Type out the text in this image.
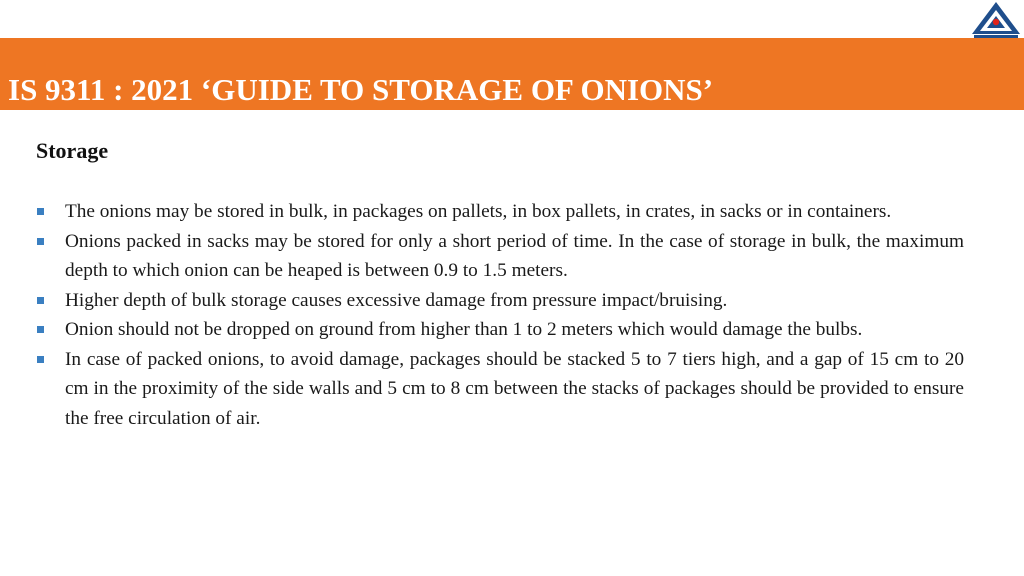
IS 9311 : 2021 ‘GUIDE TO STORAGE OF ONIONS’
Storage
The onions may be stored in bulk, in packages on pallets, in box pallets, in crates, in sacks or in containers.
Onions packed in sacks may be stored for only a short period of time. In the case of storage in bulk, the maximum depth to which onion can be heaped is between 0.9 to 1.5 meters.
Higher depth of bulk storage causes excessive damage from pressure impact/bruising.
Onion should not be dropped on ground from higher than 1 to 2 meters which would damage the bulbs.
In case of packed onions, to avoid damage, packages should be stacked 5 to 7 tiers high, and a gap of 15 cm to 20 cm in the proximity of the side walls and 5 cm to 8 cm between the stacks of packages should be provided to ensure the free circulation of air.
